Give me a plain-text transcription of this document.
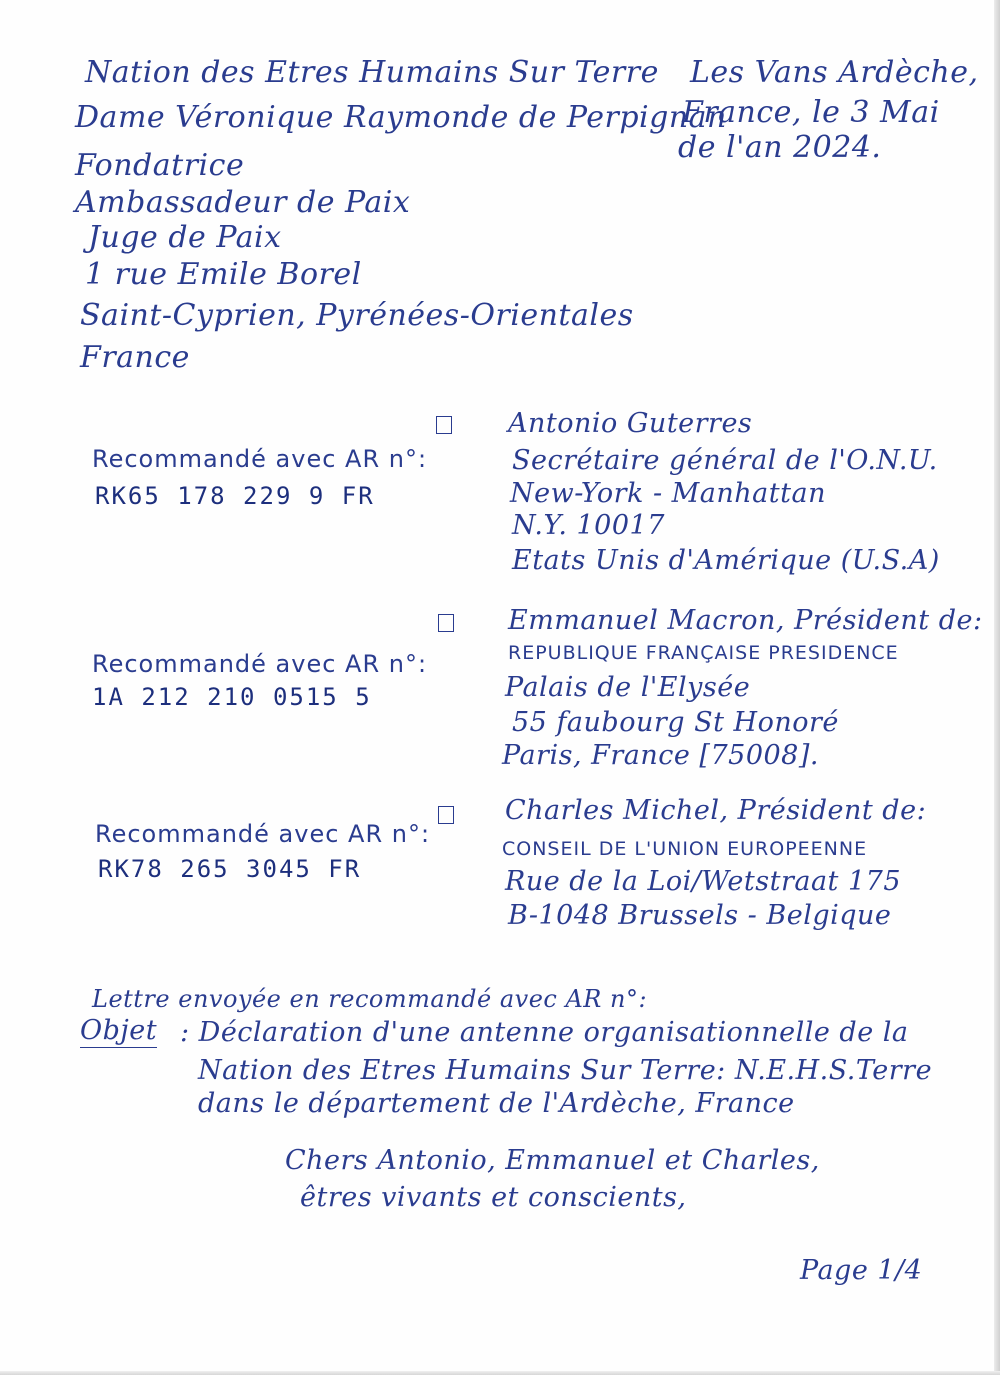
Nation des Etres Humains Sur Terre
Dame Véronique Raymonde de Perpignan
Fondatrice
Ambassadeur de Paix
Juge de Paix
1 rue Emile Borel
Saint-Cyprien, Pyrénées-Orientales
France
Les Vans Ardèche,
France, le 3 Mai
de l'an 2024.
Recommandé avec AR n°:
RK65 178 229 9 FR
Antonio Guterres
Secrétaire général de l'O.N.U.
New-York - Manhattan
N.Y. 10017
Etats Unis d'Amérique (U.S.A)
Recommandé avec AR n°:
1A 212 210 0515 5
Emmanuel Macron, Président de:
REPUBLIQUE FRANÇAISE PRESIDENCE
Palais de l'Elysée
55 faubourg St Honoré
Paris, France [75008].
Recommandé avec AR n°:
RK78 265 3045 FR
Charles Michel, Président de:
CONSEIL DE L'UNION EUROPEENNE
Rue de la Loi/Wetstraat 175
B-1048 Brussels - Belgique
Lettre envoyée en recommandé avec AR n°:
Objet : Déclaration d'une antenne organisationnelle de la
Nation des Etres Humains Sur Terre: N.E.H.S.Terre
dans le département de l'Ardèche, France
Chers Antonio, Emmanuel et Charles,
êtres vivants et conscients,
Page 1/4
